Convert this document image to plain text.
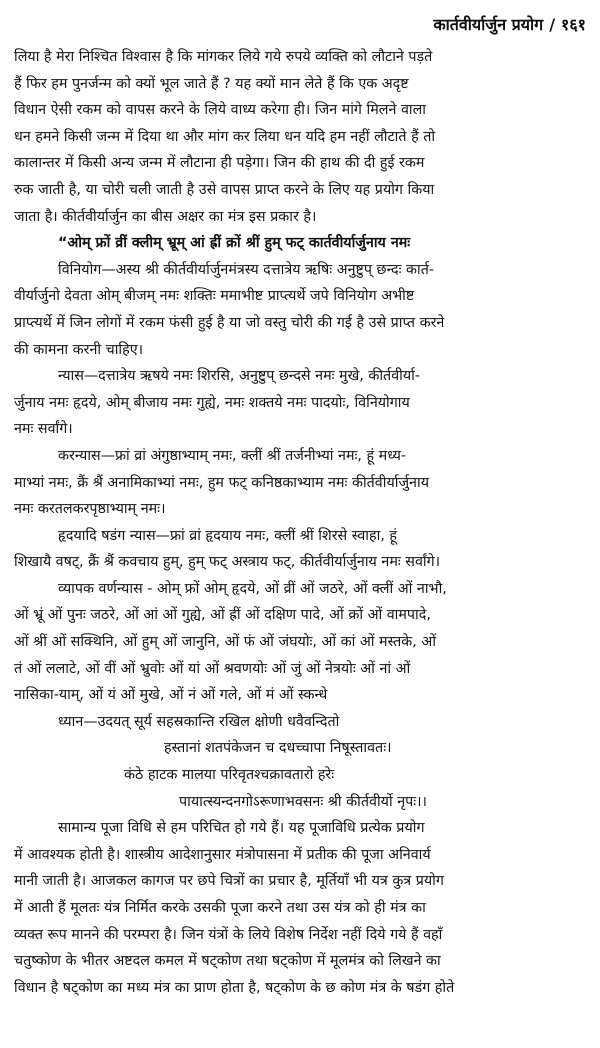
कार्तवीर्यार्जुन प्रयोग / १६१
लिया है मेरा निश्चित विश्वास है कि मांगकर लिये गये रुपये व्यक्ति को लौटाने पड़ते
हैं फिर हम पुनर्जन्म को क्यों भूल जाते हैं ? यह क्यों मान लेते हैं कि एक अदृष्ट
विधान ऐसी रकम को वापस करने के लिये वाध्य करेगा ही। जिन मांगे मिलने वाला
धन हमने किसी जन्म में दिया था और मांग कर लिया धन यदि हम नहीं लौटाते हैं तो
कालान्तर में किसी अन्य जन्म में लौटाना ही पड़ेगा। जिन की हाथ की दी हुई रकम
रुक जाती है, या चोरी चली जाती है उसे वापस प्राप्त करने के लिए यह प्रयोग किया
जाता है। कीर्तवीर्यार्जुन का बीस अक्षर का मंत्र इस प्रकार है।
“ओम् फ्रों व्रीं क्लीम् भ्रूम् आं ह्रीं क्रों श्रीं हुम् फट् कार्तवीर्यार्जुनाय नमः
विनियोग—अस्य श्री कीर्तवीर्यार्जुनमंत्रस्य दत्तात्रेय ऋषिः अनुष्टुप् छन्दः कार्त-
वीर्यार्जुनो देवता ओम् बीजम् नमः शक्तिः ममाभीष्ट प्राप्त्यर्थे जपे विनियोग अभीष्ट
प्राप्त्यर्थे में जिन लोगों में रकम फंसी हुई है या जो वस्तु चोरी की गई है उसे प्राप्त करने
की कामना करनी चाहिए।
न्यास—दत्तात्रेय ऋषये नमः शिरसि, अनुष्टुप् छन्दसे नमः मुखे, कीर्तवीर्या-
र्जुनाय नमः हृदये, ओम् बीजाय नमः गुह्ये, नमः शक्तये नमः पादयोः, विनियोगाय
नमः सर्वांगे।
करन्यास—फ्रां व्रां अंगुष्ठाभ्याम् नमः, क्लीं श्रीं तर्जनीभ्यां नमः, हूं मध्य-
माभ्यां नमः, क्रैं श्रैं अनामिकाभ्यां नमः, हुम फट् कनिष्ठकाभ्याम नमः कीर्तवीर्यार्जुनाय
नमः करतलकरपृष्ठाभ्याम् नमः।
हृदयादि षडंग न्यास—फ्रां व्रां हृदयाय नमः, क्लीं श्रीं शिरसे स्वाहा, हूं
शिखायै वषट्, क्रैं श्रैं कवचाय हुम्, हुम् फट् अस्त्राय फट्, कीर्तवीर्यार्जुनाय नमः सर्वांगे।
व्यापक वर्णन्यास - ओम् फ्रों ओम् हृदये, ओं व्रीं ओं जठरे, ओं क्लीं ओं नाभौ,
ओं भ्रूं ओं पुनः जठरे, ओं आं ओं गुह्ये, ओं ह्रीं ओं दक्षिण पादे, ओं क्रों ओं वामपादे,
ओं श्रीं ओं सक्थिनि, ओं हुम् ओं जानुनि, ओं फं ओं जंघयोः, ओं कां ओं मस्तके, ओं
तं ओं ललाटे, ओं वीं ओं भ्रुवोः ओं यां ओं श्रवणयोः ओं जुं ओं नेत्रयोः ओं नां ओं
नासिका-याम्, ओं यं ओं मुखे, ओं नं ओं गले, ओं मं ओं स्कन्धे
ध्यान—उदयत् सूर्य सहस्रकान्ति रखिल क्षोणी धवैवन्दितो
हस्तानां शतपंकेजन च दधच्चापा निषूस्तावतः।
कंठे हाटक मालया परिवृतश्चक्रावतारो हरेः
पायात्स्यन्दनगोऽरूणाभवसनः श्री कीर्तवीर्यो नृपः।।
सामान्य पूजा विधि से हम परिचित हो गये हैं। यह पूजाविधि प्रत्येक प्रयोग
में आवश्यक होती है। शास्त्रीय आदेशानुसार मंत्रोपासना में प्रतीक की पूजा अनिवार्य
मानी जाती है। आजकल कागज पर छपे चित्रों का प्रचार है, मूर्तियाँ भी यत्र कुत्र प्रयोग
में आती हैं मूलतः यंत्र निर्मित करके उसकी पूजा करने तथा उस यंत्र को ही मंत्र का
व्यक्त रूप मानने की परम्परा है। जिन यंत्रों के लिये विशेष निर्देश नहीं दिये गये हैं वहाँ
चतुष्कोण के भीतर अष्टदल कमल में षट्कोण तथा षट्कोण में मूलमंत्र को लिखने का
विधान है षट्कोण का मध्य मंत्र का प्राण होता है, षट्कोण के छ कोण मंत्र के षडंग होते
